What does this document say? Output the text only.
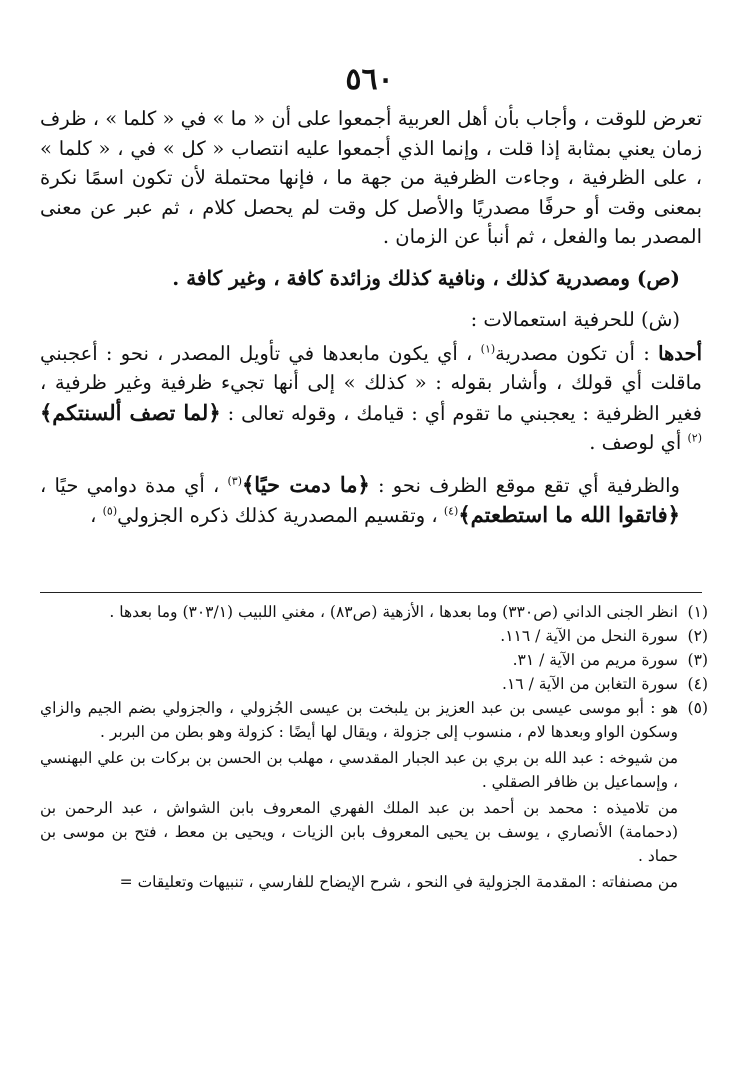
٥٦٠

تعرض للوقت ، وأجاب بأن أهل العربية أجمعوا على أن « ما » في « كلما » ، ظرف زمان يعني بمثابة إذا قلت ، وإنما الذي أجمعوا عليه انتصاب « كل » في ، « كلما » ، على الظرفية ، وجاءت الظرفية من جهة ما ، فإنها محتملة لأن تكون اسمًا نكرة بمعنى وقت أو حرفًا مصدريًا والأصل كل وقت لم يحصل كلام ، ثم عبر عن معنى المصدر بما والفعل ، ثم أنبأ عن الزمان .

(ص) ومصدرية كذلك ، ونافية كذلك وزائدة كافة ، وغير كافة .

(ش) للحرفية استعمالات :

أحدها : أن تكون مصدرية$^{(١)}$ ، أي يكون مابعدها في تأويل المصدر ، نحو : أعجبني ماقلت أي قولك ، وأشار بقوله : « كذلك » إلى أنها تجيء ظرفية وغير ظرفية ، فغير الظرفية : يعجبني ما تقوم أي : قيامك ، وقوله تعالى : ﴿لما تصف ألسنتكم﴾$^{(٢)}$ أي لوصف .

والظرفية أي تقع موقع الظرف نحو : ﴿ما دمت حيًا﴾$^{(٣)}$ ، أي مدة دوامي حيًا ، ﴿فاتقوا الله ما استطعتم﴾$^{(٤)}$ ، وتقسيم المصدرية كذلك ذكره الجزولي$^{(٥)}$ ،

(١)
انظر الجنى الداني (ص٣٣٠) وما بعدها ، الأزهية (ص٨٣) ، مغني اللبيب (٣٠٣/١) وما بعدها .
(٢)
سورة النحل من الآية / ١١٦.
(٣)
سورة مريم من الآية / ٣١.
(٤)
سورة التغابن من الآية / ١٦.
(٥)
هو : أبو موسى عيسى بن عبد العزيز بن يلبخت بن عيسى الجُزولي ، والجزولي بضم الجيم والزاي وسكون الواو وبعدها لام ، منسوب إلى جزولة ، ويقال لها أيضًا : كزولة وهو بطن من البربر .
من شيوخه : عبد الله بن بري بن عبد الجبار المقدسي ، مهلب بن الحسن بن بركات بن علي البهنسي ، وإسماعيل بن ظافر الصقلي .
من تلاميذه : محمد بن أحمد بن عبد الملك الفهري المعروف بابن الشواش ، عبد الرحمن بن (دحمامة) الأنصاري ، يوسف بن يحيى المعروف بابن الزيات ، ويحيى بن معط ، فتح بن موسى بن حماد .
من مصنفاته : المقدمة الجزولية في النحو ، شرح الإيضاح للفارسي ، تنبيهات وتعليقات =
